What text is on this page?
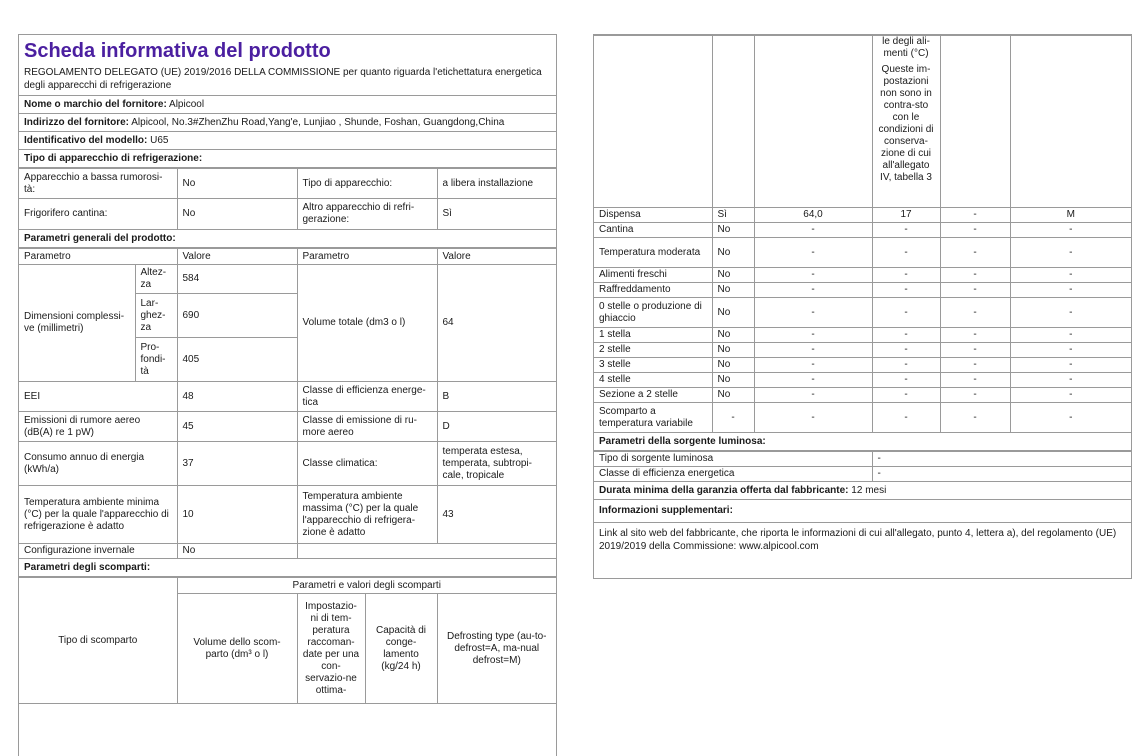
Scheda informativa del prodotto
REGOLAMENTO DELEGATO (UE) 2019/2016 DELLA COMMISSIONE per quanto riguarda l'etichettatura energetica degli apparecchi di refrigerazione
Nome o marchio del fornitore: Alpicool
Indirizzo del fornitore: Alpicool, No.3#ZhenZhu Road,Yang'e, Lunjiao , Shunde, Foshan, Guangdong,China
Identificativo del modello: U65
Tipo di apparecchio di refrigerazione:
Apparecchio a bassa rumorosi-tà:	No	Tipo di apparecchio:	a libera installazione
Frigorifero cantina:	No	Altro apparecchio di refri-gerazione:	Sì
Parametri generali del prodotto:
Parametro		Valore	Parametro	Valore
Dimensioni complessi-ve (millimetri)	Altez-za	584	Volume totale (dm3 o l)	64
	Lar-ghez-za	690		
	Pro-fondi-tà	405		
EEI		48	Classe di efficienza energe-tica	B
Emissioni di rumore aereo (dB(A) re 1 pW)		45	Classe di emissione di ru-more aereo	D
Consumo annuo di energia (kWh/a)		37	Classe climatica:	temperata estesa, temperata, subtropi-cale, tropicale
Temperatura ambiente minima (°C) per la quale l'apparecchio di refrigerazione è adatto		10	Temperatura ambiente massima (°C) per la quale l'apparecchio di refrigera-zione è adatto	43
Configurazione invernale		No		
Parametri degli scomparti:
Tipo di scomparto	Parametri e valori degli scomparti			
	Volume dello scom-parto (dm³ o l)	Impostazio-ni di tem-peratura raccoman-date per una con-servazio-ne ottima-	Capacità di conge-lamento (kg/24 h)	Defrosting type (au-to-defrost=A, ma-nual defrost=M)

			le degli ali-menti (°C)
Queste im-postazioni non sono in contra-sto con le condizioni di conserva-zione di cui all'allegato IV, tabella 3		

Dispensa	Sì	64,0	17	-	M
Cantina	No	-	-	-	-
Temperatura moderata	No	-	-	-	-
Alimenti freschi	No	-	-	-	-
Raffreddamento	No	-	-	-	-
0 stelle o produzione di ghiaccio	No	-	-	-	-
1 stella	No	-	-	-	-
2 stelle	No	-	-	-	-
3 stelle	No	-	-	-	-
4 stelle	No	-	-	-	-
Sezione a 2 stelle	No	-	-	-	-
Scomparto a temperatura variabile	-	-	-	-	-
Parametri della sorgente luminosa:
Tipo di sorgente luminosa	-
Classe di efficienza energetica	-
Durata minima della garanzia offerta dal fabbricante: 12 mesi
Informazioni supplementari:
Link al sito web del fabbricante, che riporta le informazioni di cui all'allegato, punto 4, lettera a), del regolamento (UE) 2019/2019 della Commissione: www.alpicool.com
